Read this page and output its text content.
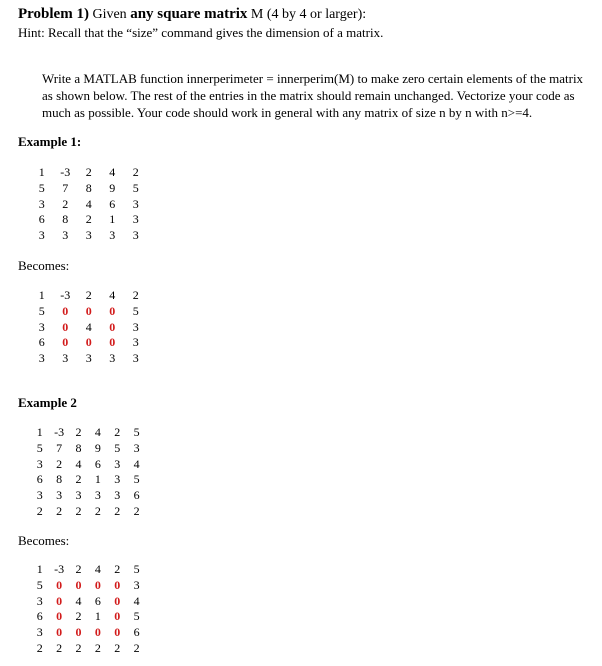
Problem 1) Given any square matrix M (4 by 4 or larger):
Hint: Recall that the “size” command gives the dimension of a matrix.
Write a MATLAB function innerperimeter = innerperim(M) to make zero certain elements of the matrix as shown below. The rest of the entries in the matrix should remain unchanged. Vectorize your code as much as possible. Your code should work in general with any matrix of size n by n with n>=4.
Example 1:
1	-3	2	4	2
5	7	8	9	5
3	2	4	6	3
6	8	2	1	3
3	3	3	3	3
Becomes:
1	-3	2	4	2
5	0	0	0	5
3	0	4	0	3
6	0	0	0	3
3	3	3	3	3
Example 2
1	-3	2	4	2	5
5	7	8	9	5	3
3	2	4	6	3	4
6	8	2	1	3	5
3	3	3	3	3	6
2	2	2	2	2	2
Becomes:
1	-3	2	4	2	5
5	0	0	0	0	3
3	0	4	6	0	4
6	0	2	1	0	5
3	0	0	0	0	6
2	2	2	2	2	2
